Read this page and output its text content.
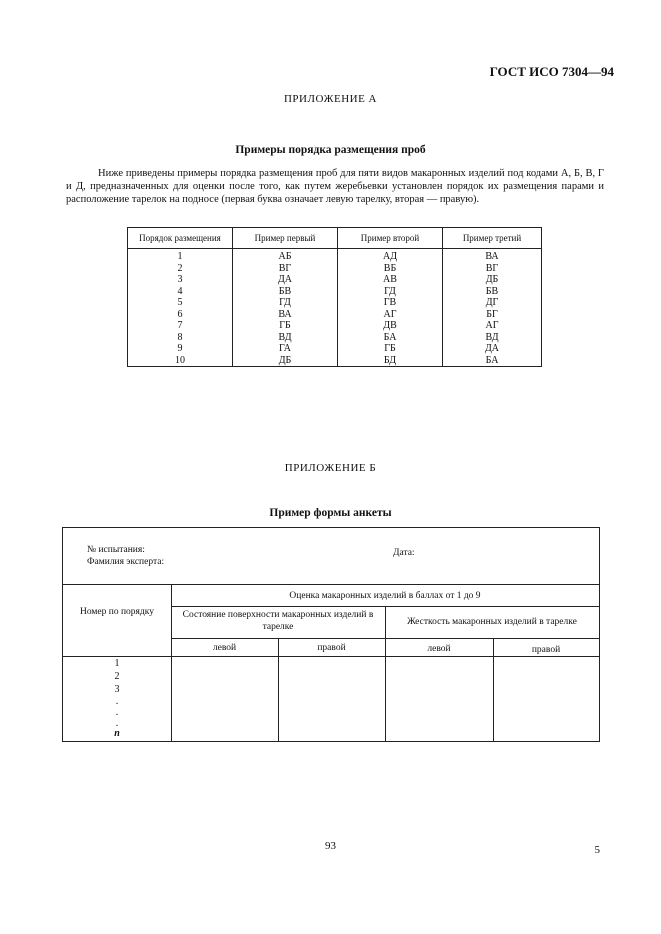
ГОСТ ИСО 7304—94
ПРИЛОЖЕНИЕ А
Примеры порядка размещения проб
Ниже приведены примеры порядка размещения проб для пяти видов макаронных изделий под кодами А, Б, В, Г и Д, предназначенных для оценки после того, как путем жеребьевки установлен порядок их размещения парами и расположение тарелок на подносе (первая буква означает левую тарелку, вторая — правую).
Порядок размещения	Пример первый	Пример второй	Пример третий
1	АБ	АД	ВА
2	ВГ	ВБ	ВГ
3	ДА	АВ	ДБ
4	БВ	ГД	БВ
5	ГД	ГВ	ДГ
6	ВА	АГ	БГ
7	ГБ	ДВ	АГ
8	ВД	БА	ВД
9	ГА	ГБ	ДА
10	ДБ	БД	БА
ПРИЛОЖЕНИЕ Б
Пример формы анкеты
№ испытания:
Фамилия эксперта:
Дата:
Номер по порядку
Оценка макаронных изделий в баллах от 1 до 9
Состояние поверхности макаронных изделий в тарелке	Жесткость макаронных изделий в тарелке
левой	правой	левой	правой
1
2
3
.
.
.
n
93	5
